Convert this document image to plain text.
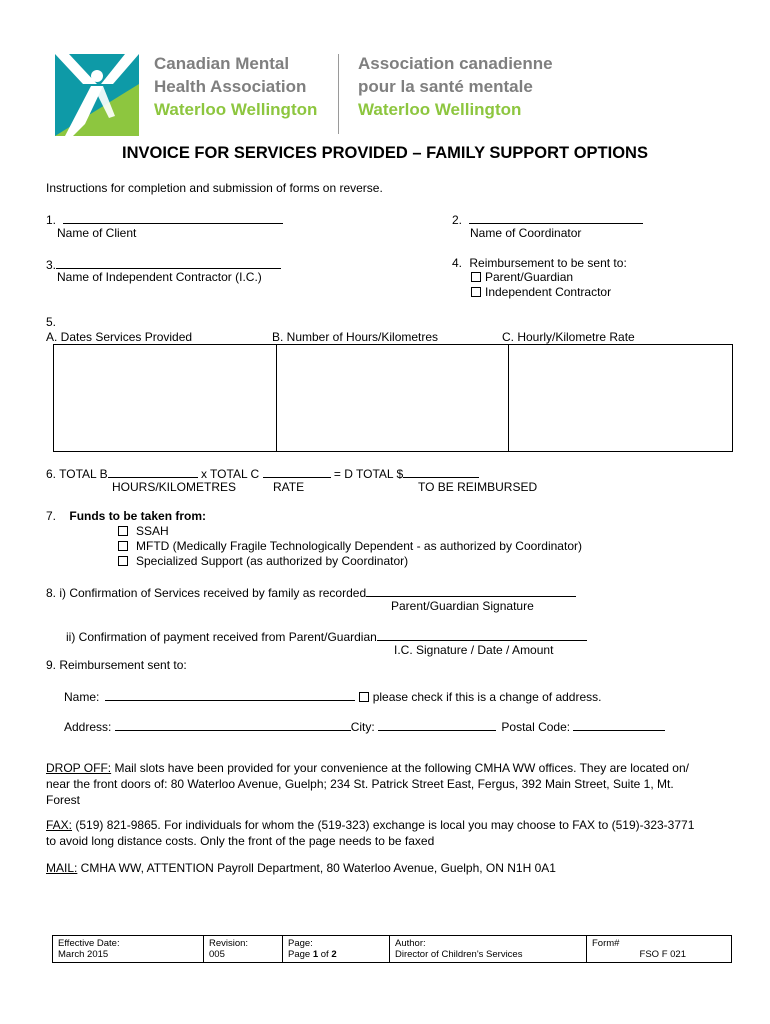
Canadian Mental
Health Association
Waterloo Wellington
Association canadienne
pour la santé mentale
Waterloo Wellington
INVOICE FOR SERVICES PROVIDED – FAMILY SUPPORT OPTIONS
Instructions for completion and submission of forms on reverse.
1.
Name of Client
2.
Name of Coordinator
3.
Name of Independent Contractor (I.C.)
4. Reimbursement to be sent to:
Parent/Guardian
Independent Contractor
5.
A. Dates Services Provided	B. Number of Hours/Kilometres	C. Hourly/Kilometre Rate
6. TOTAL B	x TOTAL C	= D TOTAL $
HOURS/KILOMETRES	RATE	TO BE REIMBURSED
7. Funds to be taken from:
SSAH
MFTD (Medically Fragile Technologically Dependent - as authorized by Coordinator)
Specialized Support (as authorized by Coordinator)
8. i) Confirmation of Services received by family as recorded
Parent/Guardian Signature
ii) Confirmation of payment received from Parent/Guardian
I.C. Signature / Date / Amount
9. Reimbursement sent to:
Name:	please check if this is a change of address.
Address:	City:	Postal Code:
DROP OFF: Mail slots have been provided for your convenience at the following CMHA WW offices. They are located on/ near the front doors of: 80 Waterloo Avenue, Guelph; 234 St. Patrick Street East, Fergus, 392 Main Street, Suite 1, Mt. Forest
FAX: (519) 821-9865. For individuals for whom the (519-323) exchange is local you may choose to FAX to (519)-323-3771 to avoid long distance costs. Only the front of the page needs to be faxed
MAIL: CMHA WW, ATTENTION Payroll Department, 80 Waterloo Avenue, Guelph, ON N1H 0A1
Effective Date:
March 2015

Revision:
005

Page:
Page 1 of 2

Author:
Director of Children's Services

Form#
FSO F 021
